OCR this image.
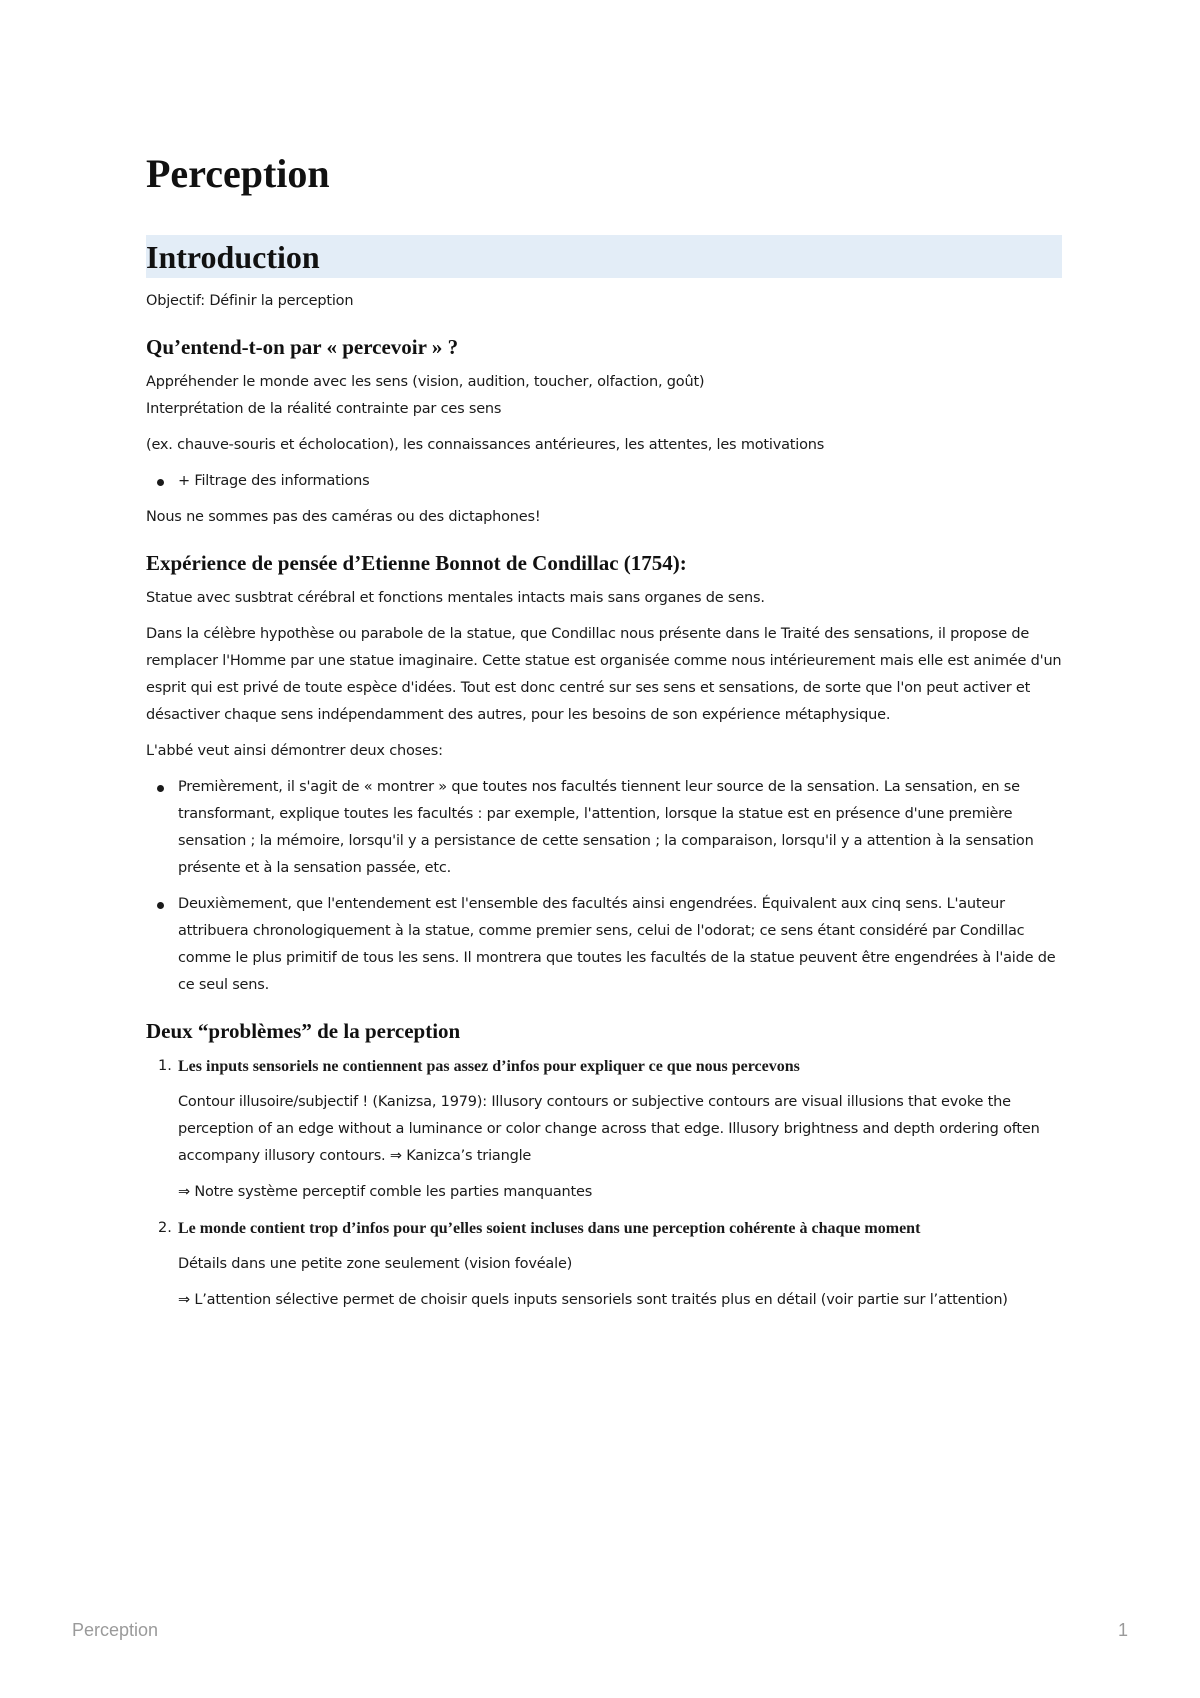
Perception
Introduction

Objectif: Définir la perception

Qu’entend-t-on par « percevoir » ?

Appréhender le monde avec les sens (vision, audition, toucher, olfaction, goût)

Interprétation de la réalité contrainte par ces sens

(ex. chauve-souris et écholocation), les connaissances antérieures, les attentes, les motivations

+ Filtrage des informations

Nous ne sommes pas des caméras ou des dictaphones!

Expérience de pensée d’Etienne Bonnot de Condillac (1754):

Statue avec susbtrat cérébral et fonctions mentales intacts mais sans organes de sens.

Dans la célèbre hypothèse ou parabole de la statue, que Condillac nous présente dans le Traité des sensations, il propose de remplacer l'Homme par une statue imaginaire. Cette statue est organisée comme nous intérieurement mais elle est animée d'un esprit qui est privé de toute espèce d'idées. Tout est donc centré sur ses sens et sensations, de sorte que l'on peut activer et désactiver chaque sens indépendamment des autres, pour les besoins de son expérience métaphysique.

L'abbé veut ainsi démontrer deux choses:

Premièrement, il s'agit de « montrer » que toutes nos facultés tiennent leur source de la sensation. La sensation, en se transformant, explique toutes les facultés : par exemple, l'attention, lorsque la statue est en présence d'une première sensation ; la mémoire, lorsqu'il y a persistance de cette sensation ; la comparaison, lorsqu'il y a attention à la sensation présente et à la sensation passée, etc.
Deuxièmement, que l'entendement est l'ensemble des facultés ainsi engendrées. Équivalent aux cinq sens. L'auteur attribuera chronologiquement à la statue, comme premier sens, celui de l'odorat; ce sens étant considéré par Condillac comme le plus primitif de tous les sens. Il montrera que toutes les facultés de la statue peuvent être engendrées à l'aide de ce seul sens.
Deux “problèmes” de la perception
1. Les inputs sensoriels ne contiennent pas assez d’infos pour expliquer ce que nous percevons

Contour illusoire/subjectif ! (Kanizsa, 1979): Illusory contours or subjective contours are visual illusions that evoke the perception of an edge without a luminance or color change across that edge. Illusory brightness and depth ordering often accompany illusory contours. ⇒ Kanizca’s triangle

⇒ Notre système perceptif comble les parties manquantes

2. Le monde contient trop d’infos pour qu’elles soient incluses dans une perception cohérente à chaque moment

Détails dans une petite zone seulement (vision fovéale)

⇒ L’attention sélective permet de choisir quels inputs sensoriels sont traités plus en détail (voir partie sur l’attention)

Perception	1
